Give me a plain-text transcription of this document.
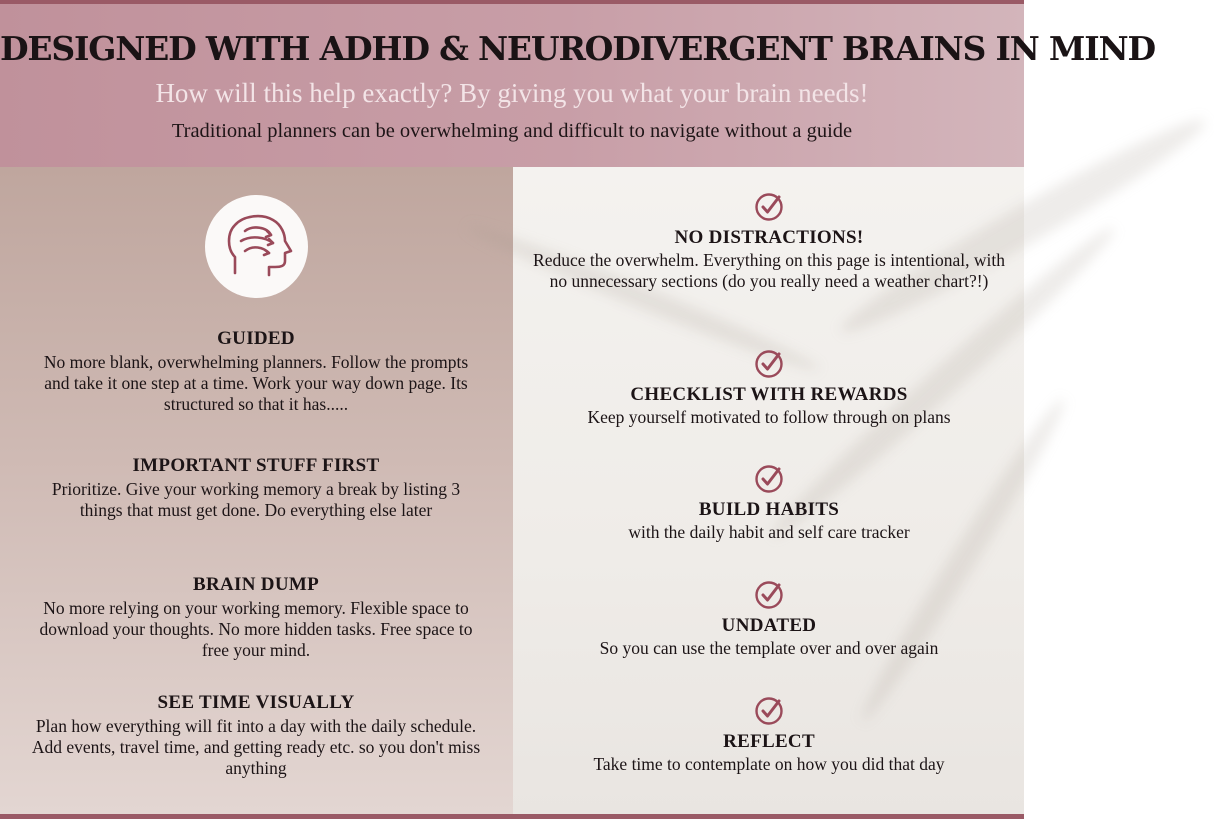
DESIGNED WITH ADHD & NEURODIVERGENT BRAINS IN MIND
How will this help exactly? By giving you what your brain needs!
Traditional planners can be overwhelming and difficult to navigate without a guide
GUIDED
No more blank, overwhelming planners. Follow the prompts and take it one step at a time. Work your way down page. Its structured so that it has.....
IMPORTANT STUFF FIRST
Prioritize. Give your working memory a break by listing 3 things that must get done. Do everything else later
BRAIN DUMP
No more relying on your working memory. Flexible space to download your thoughts. No more hidden tasks. Free space to free your mind.
SEE TIME VISUALLY
Plan how everything will fit into a day with the daily schedule. Add events, travel time, and getting ready etc. so you don't miss anything
NO DISTRACTIONS!
Reduce the overwhelm. Everything on this page is intentional, with no unnecessary sections (do you really need a weather chart?!)
CHECKLIST WITH REWARDS
Keep yourself motivated to follow through on plans
BUILD HABITS
with the daily habit and self care tracker
UNDATED
So you can use the template over and over again
REFLECT
Take time to contemplate on how you did that day
